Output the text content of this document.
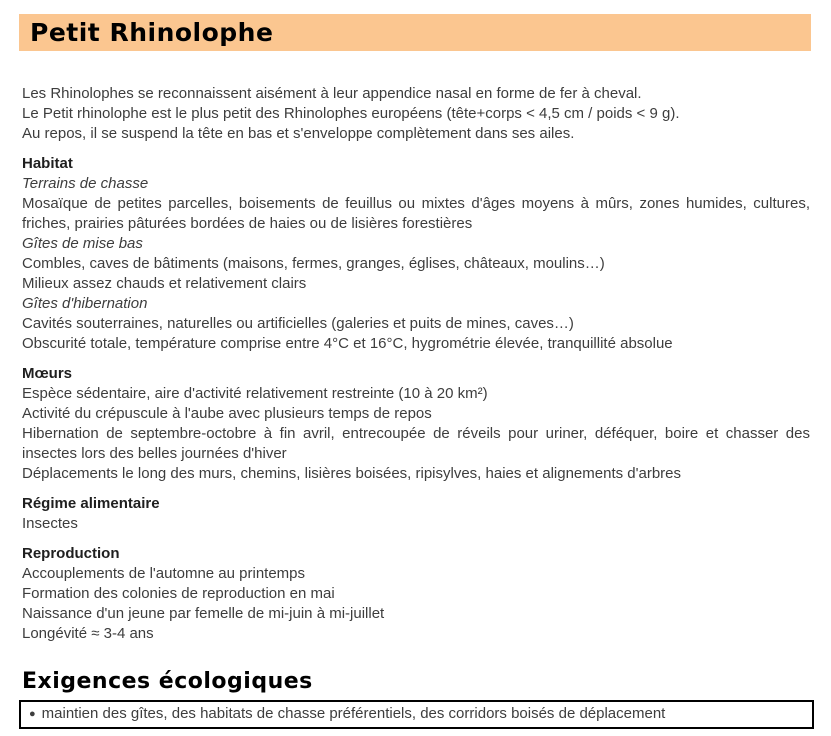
Petit Rhinolophe

Les Rhinolophes se reconnaissent aisément à leur appendice nasal en forme de fer à cheval.
Le Petit rhinolophe est le plus petit des Rhinolophes européens (tête+corps < 4,5 cm / poids < 9 g).
Au repos, il se suspend la tête en bas et s'enveloppe complètement dans ses ailes.

Habitat
Terrains de chasse

Mosaïque de petites parcelles, boisements de feuillus ou mixtes d'âges moyens à mûrs, zones humides, cultures, friches, prairies pâturées bordées de haies ou de lisières forestières

Gîtes de mise bas
Combles, caves de bâtiments (maisons, fermes, granges, églises, châteaux, moulins…)
Milieux assez chauds et relativement clairs
Gîtes d'hibernation
Cavités souterraines, naturelles ou artificielles (galeries et puits de mines, caves…)
Obscurité totale, température comprise entre 4°C et 16°C, hygrométrie élevée, tranquillité absolue
Mœurs
Espèce sédentaire, aire d'activité relativement restreinte (10 à 20 km²)
Activité du crépuscule à l'aube avec plusieurs temps de repos

Hibernation de septembre-octobre à fin avril, entrecoupée de réveils pour uriner, déféquer, boire et chasser des insectes lors des belles journées d'hiver

Déplacements le long des murs, chemins, lisières boisées, ripisylves, haies et alignements d'arbres
Régime alimentaire
Insectes
Reproduction
Accouplements de l'automne au printemps
Formation des colonies de reproduction en mai
Naissance d'un jeune par femelle de mi-juin à mi-juillet
Longévité ≈ 3-4 ans
Exigences écologiques
● maintien des gîtes, des habitats de chasse préférentiels, des corridors boisés de déplacement
